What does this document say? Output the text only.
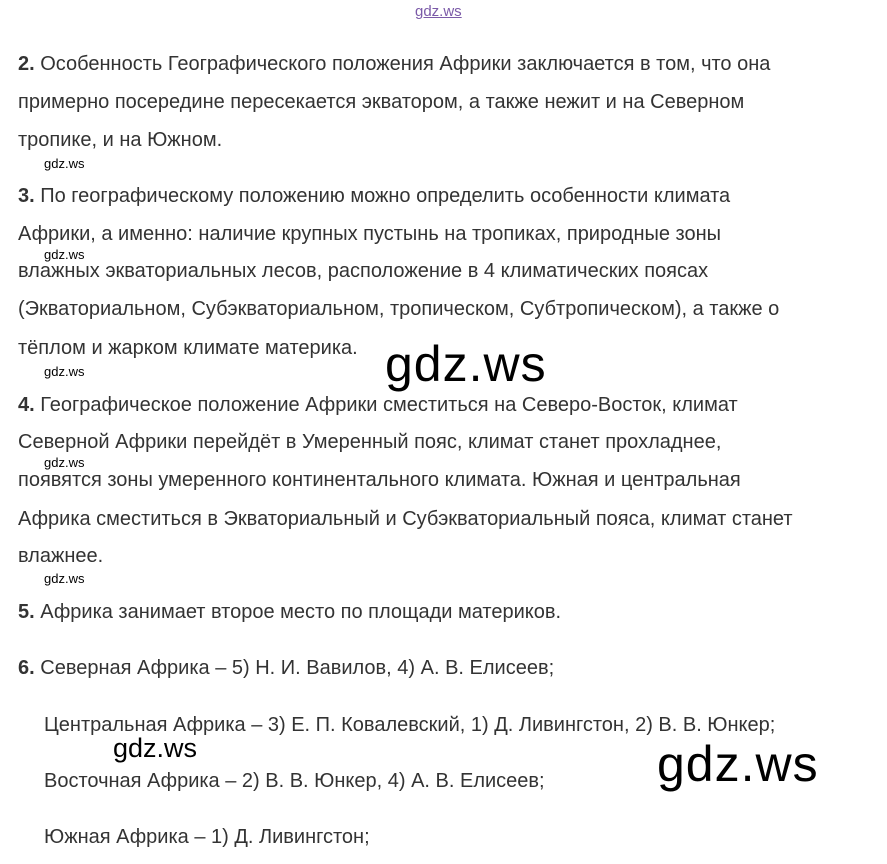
gdz.ws
2. Особенность Географического положения Африки заключается в том, что она
примерно посередине пересекается экватором, а также нежит и на Северном
тропике, и на Южном.
gdz.ws
3. По географическому положению можно определить особенности климата
Африки, а именно: наличие крупных пустынь на тропиках, природные зоны
gdz.ws
влажных экваториальных лесов, расположение в 4 климатических поясах
(Экваториальном, Субэкваториальном, тропическом, Субтропическом), а также о
тёплом и жарком климате материка. gdz.ws
gdz.ws
4. Географическое положение Африки сместиться на Северо-Восток, климат
Северной Африки перейдёт в Умеренный пояс, климат станет прохладнее,
gdz.ws
появятся зоны умеренного континентального климата. Южная и центральная
Африка сместиться в Экваториальный и Субэкваториальный пояса, климат станет
влажнее.
gdz.ws
5. Африка занимает второе место по площади материков.
6. Северная Африка – 5) Н. И. Вавилов, 4) А. В. Елисеев;
Центральная Африка – 3) Е. П. Ковалевский, 1) Д. Ливингстон, 2) В. В. Юнкер;
gdz.ws	gdz.ws
Восточная Африка – 2) В. В. Юнкер, 4) А. В. Елисеев;
Южная Африка – 1) Д. Ливингстон;
